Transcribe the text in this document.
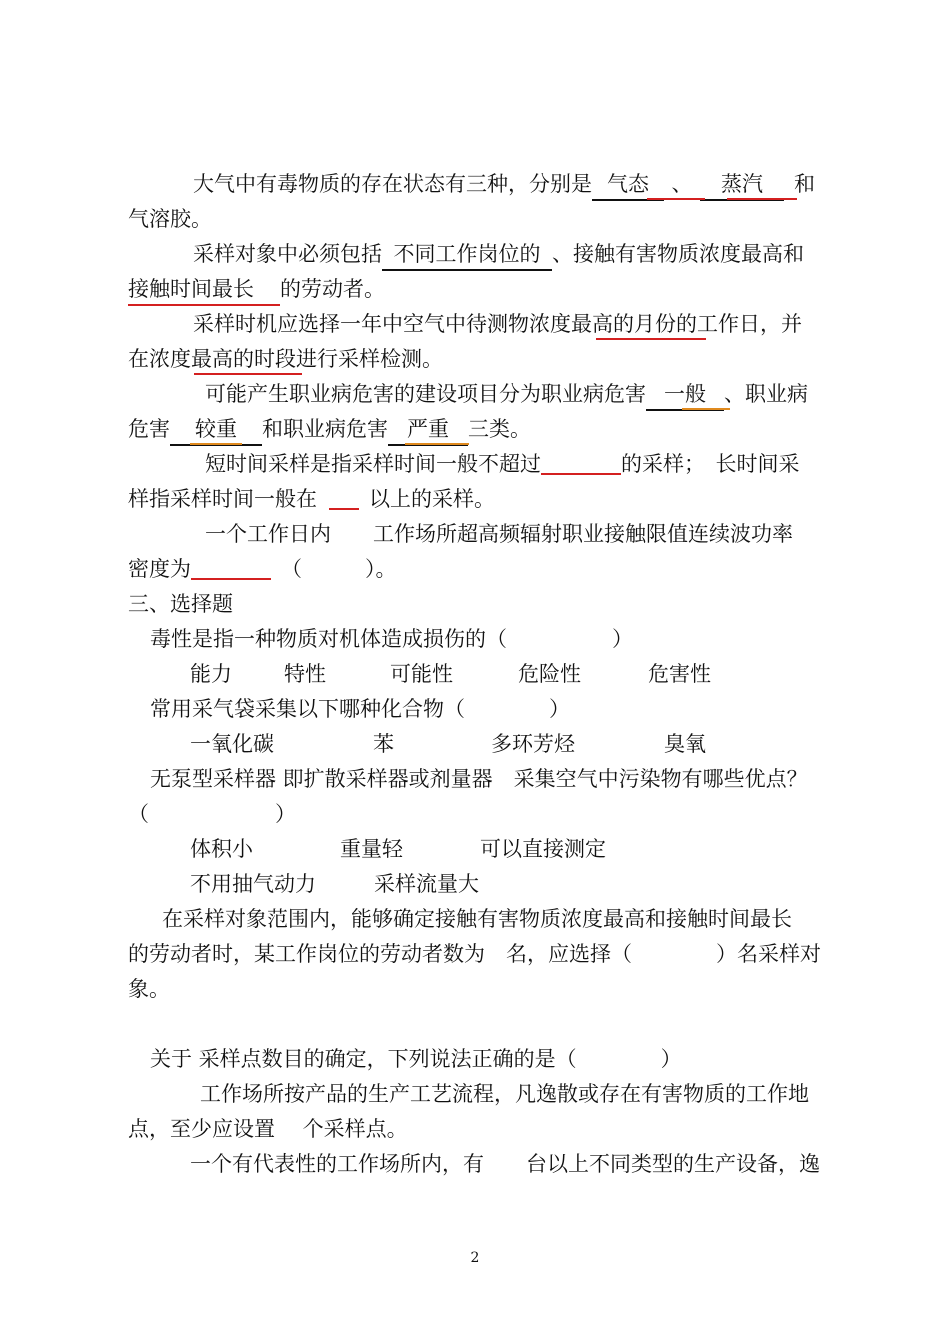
大气中有毒物质的存在状态有三种，分别是 气态 、 蒸汽 和
气溶胶。
采样对象中必须包括 不同工作岗位的 、接触有害物质浓度最高和
接触时间最长 的劳动者。
采样时机应选择一年中空气中待测物浓度最高的月份的工作日，并
在浓度最高的时段进行采样检测。
可能产生职业病危害的建设项目分为职业病危害 一般 、职业病
危害 较重 和职业病危害 严重 三类。
短时间采样是指采样时间一般不超过	的采样；　长时间采
样指采样时间一般在 以上的采样。
一个工作日内　　工作场所超高频辐射职业接触限值连续波功率
密度为	（　　　）。
三、选择题
毒性是指一种物质对机体造成损伤的（　　　　　）
能力 特性	可能性	危险性	危害性
常用采气袋采集以下哪种化合物（　　　　）
一氧化碳	苯	多环芳烃	臭氧
无泵型采样器 即扩散采样器或剂量器　采集空气中污染物有哪些优点？
（　　　　　　）
体积小	重量轻	可以直接测定
不用抽气动力	采样流量大
在采样对象范围内，能够确定接触有害物质浓度最高和接触时间最长
的劳动者时，某工作岗位的劳动者数为　名，应选择（　　　　）名采样对
象。
关于 采样点数目的确定，下列说法正确的是（　　　　）
工作场所按产品的生产工艺流程，凡逸散或存在有害物质的工作地
点，至少应设置　 个采样点。
一个有代表性的工作场所内，有　　台以上不同类型的生产设备，逸
2
